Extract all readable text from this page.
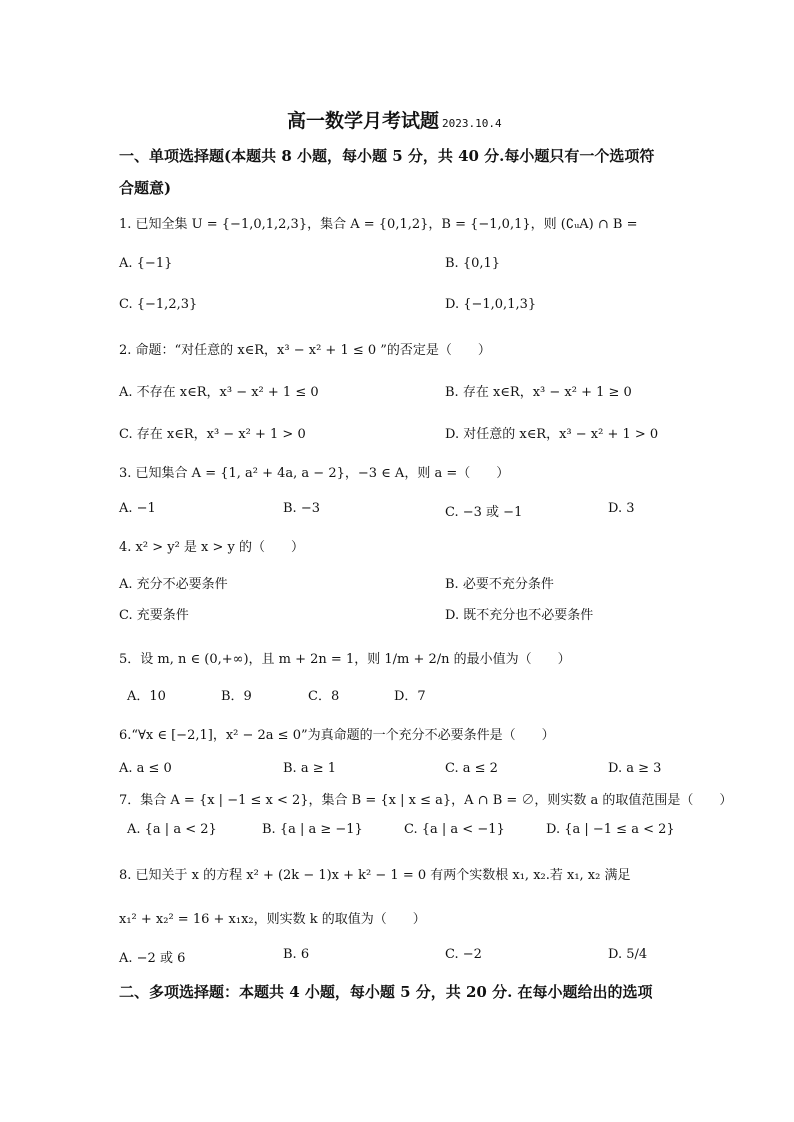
高一数学月考试题 2023.10.4
一、单项选择题(本题共 8 小题，每小题 5 分，共 40 分.每小题只有一个选项符
合题意)
1. 已知全集 U = {−1,0,1,2,3}，集合 A = {0,1,2}，B = {−1,0,1}，则 (∁ᵤA) ∩ B =
A. {−1}	B. {0,1}
C. {−1,2,3}	D. {−1,0,1,3}
2. 命题：“对任意的 x∈R，x³ − x² + 1 ≤ 0 ”的否定是（　　）
A. 不存在 x∈R，x³ − x² + 1 ≤ 0	B. 存在 x∈R，x³ − x² + 1 ≥ 0
C. 存在 x∈R，x³ − x² + 1 > 0	D. 对任意的 x∈R，x³ − x² + 1 > 0
3. 已知集合 A = {1, a² + 4a, a − 2}，−3 ∈ A，则 a =（　　）
A. −1	B. −3	C. −3 或 −1	D. 3
4. x² > y² 是 x > y 的（　　）
A. 充分不必要条件	B. 必要不充分条件
C. 充要条件	D. 既不充分也不必要条件
5．设 m, n ∈ (0,+∞)，且 m + 2n = 1，则 1/m + 2/n 的最小值为（　　）
A．10	B．9	C．8	D．7
6.“∀x ∈ [−2,1]，x² − 2a ≤ 0”为真命题的一个充分不必要条件是（　　）
A. a ≤ 0	B. a ≥ 1	C. a ≤ 2	D. a ≥ 3
7．集合 A = {x | −1 ≤ x < 2}，集合 B = {x | x ≤ a}，A ∩ B = ∅，则实数 a 的取值范围是（　　）
A. {a | a < 2}	B. {a | a ≥ −1}	C. {a | a < −1}	D. {a | −1 ≤ a < 2}
8. 已知关于 x 的方程 x² + (2k − 1)x + k² − 1 = 0 有两个实数根 x₁, x₂.若 x₁, x₂ 满足
x₁² + x₂² = 16 + x₁x₂，则实数 k 的取值为（　　）
A. −2 或 6	B. 6	C. −2	D. 5/4
二、多项选择题：本题共 4 小题，每小题 5 分，共 20 分. 在每小题给出的选项
